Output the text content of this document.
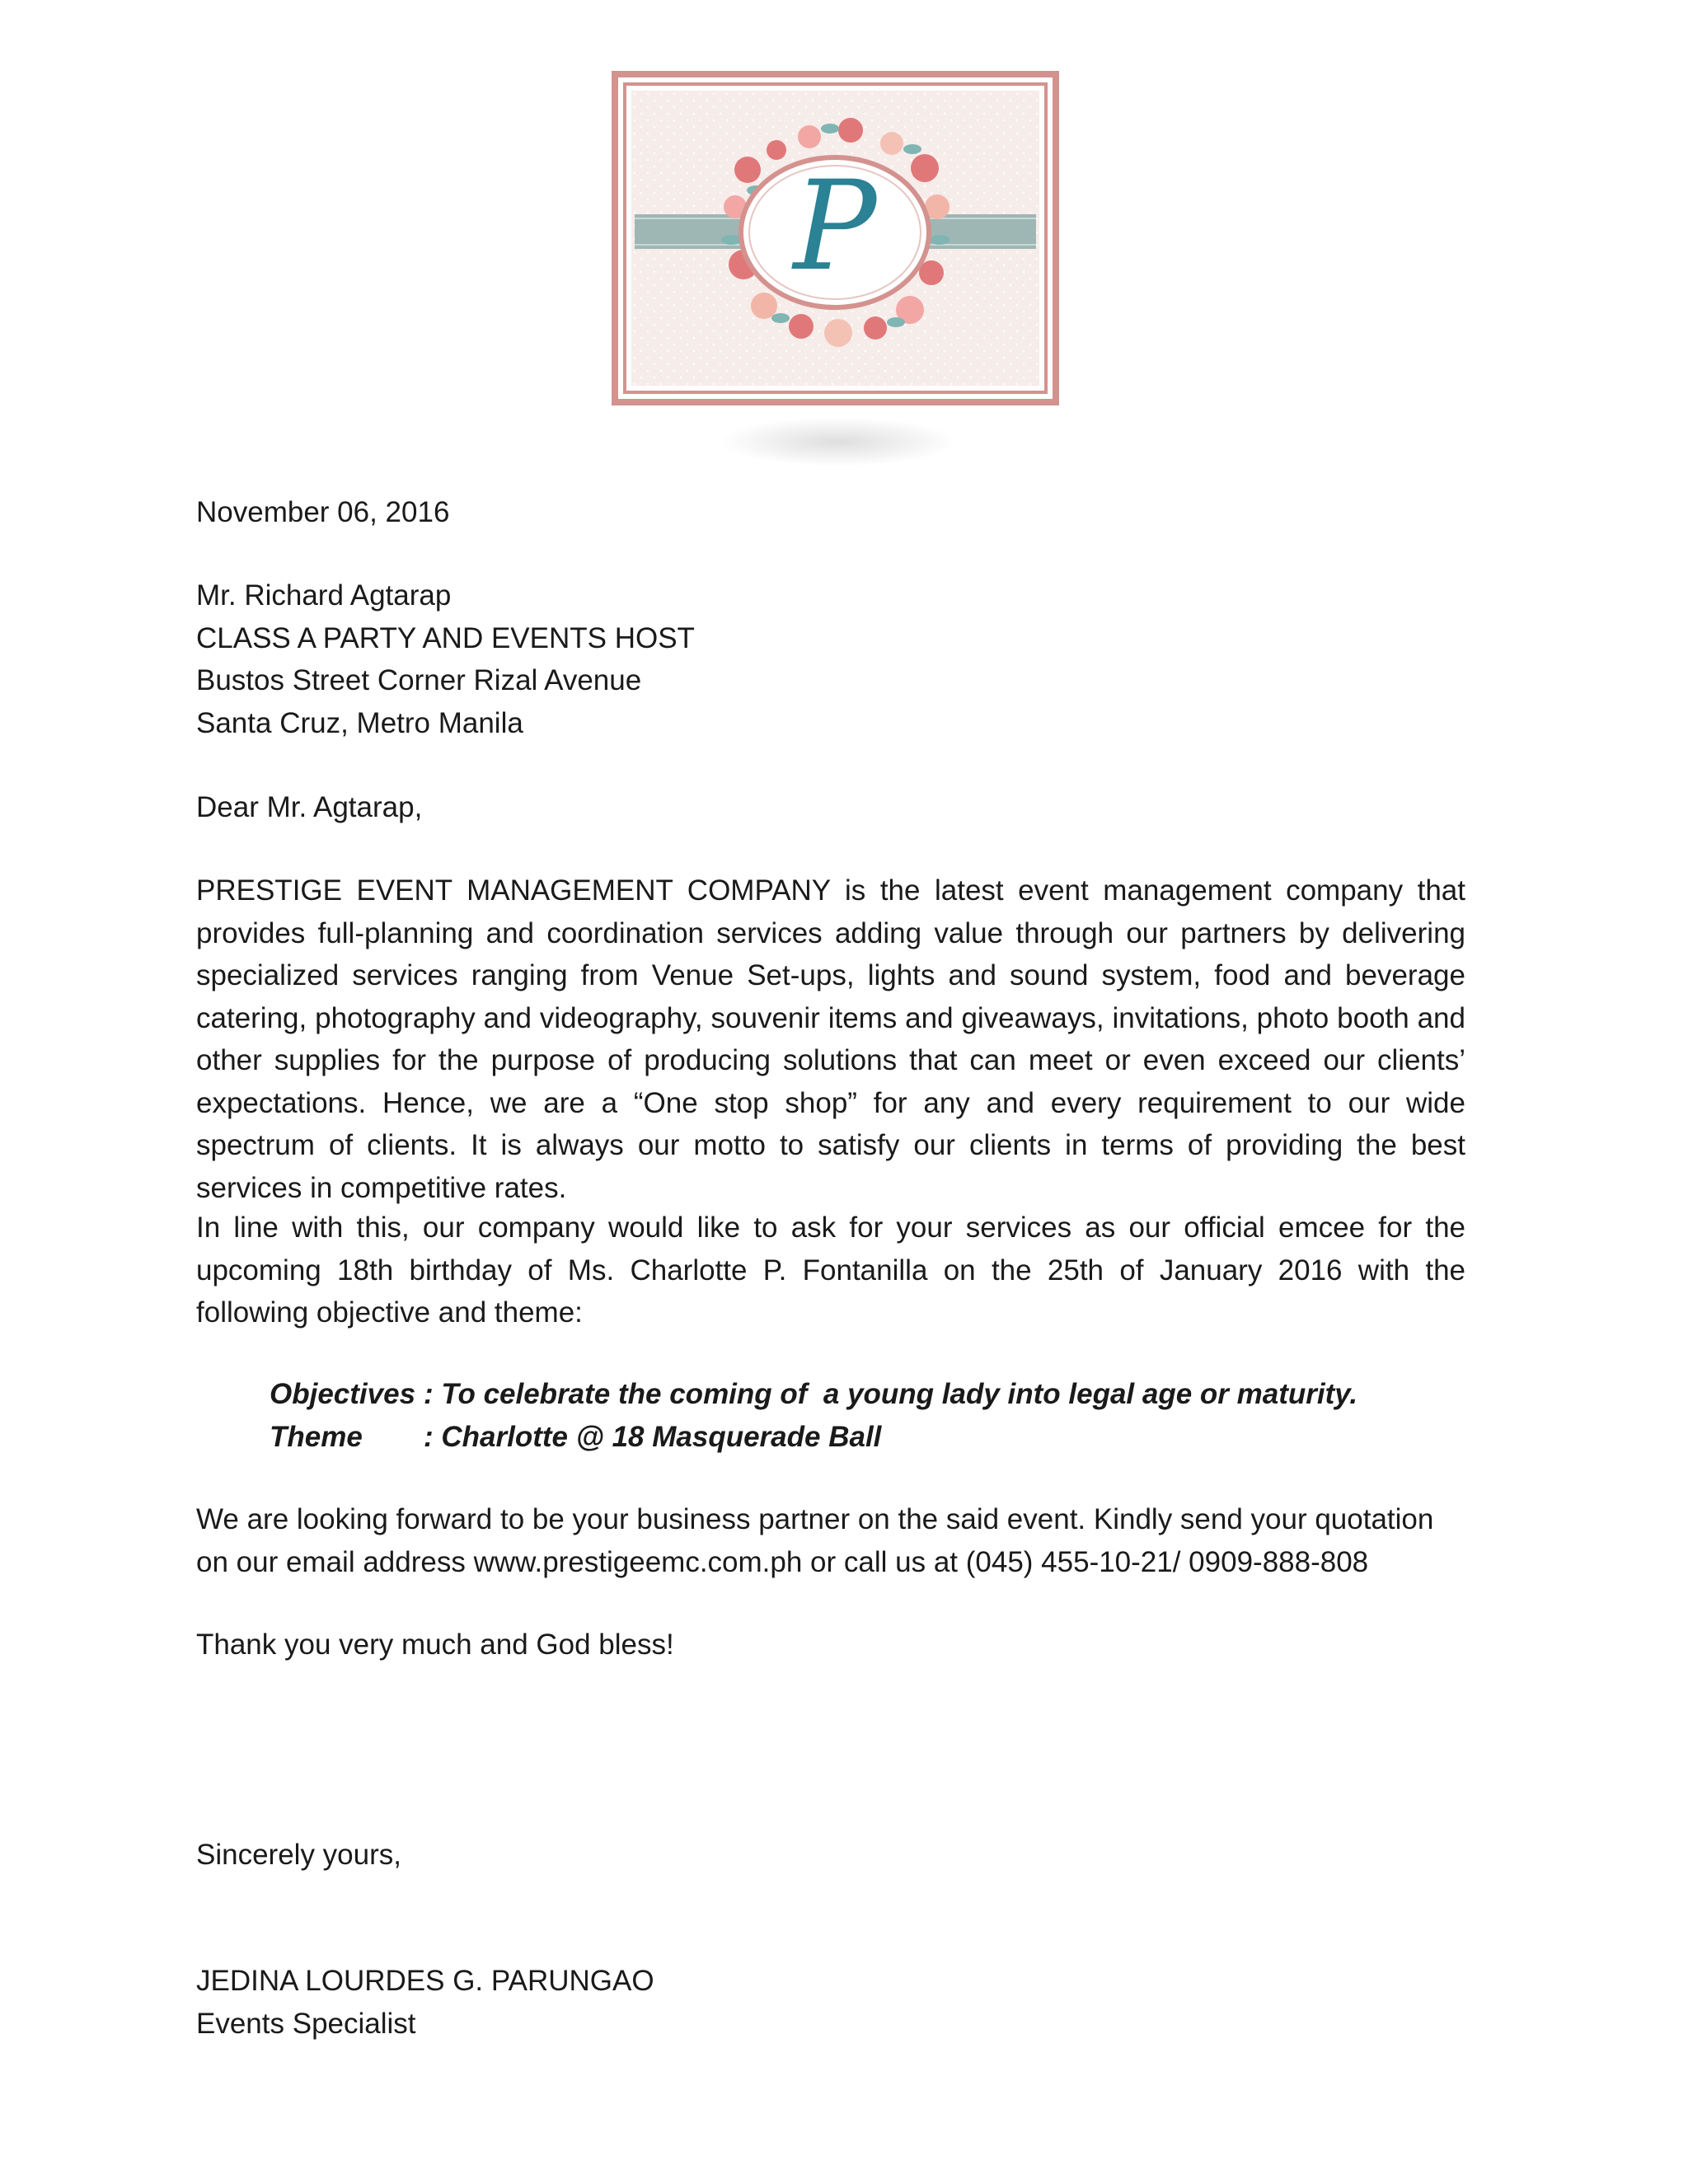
P
November 06, 2016
Mr. Richard Agtarap
CLASS A PARTY AND EVENTS HOST
Bustos Street Corner Rizal Avenue
Santa Cruz, Metro Manila
Dear Mr. Agtarap,
PRESTIGE EVENT MANAGEMENT COMPANY is the latest event management company that provides full-planning and coordination services adding value through our partners by delivering specialized services ranging from Venue Set-ups, lights and sound system, food and beverage catering, photography and videography, souvenir items and giveaways, invitations, photo booth and other supplies for the purpose of producing solutions that can meet or even exceed our clients’ expectations. Hence, we are a “One stop shop” for any and every requirement to our wide spectrum of clients. It is always our motto to satisfy our clients in terms of providing the best services in competitive rates.
In line with this, our company would like to ask for your services as our official emcee for the upcoming 18th birthday of Ms. Charlotte P. Fontanilla on the 25th of January 2016 with the following objective and theme:
Objectives : To celebrate the coming of  a young lady into legal age or maturity.
Theme : Charlotte @ 18 Masquerade Ball
We are looking forward to be your business partner on the said event. Kindly send your quotation on our email address www.prestigeemc.com.ph or call us at (045) 455-10-21/ 0909-888-808
Thank you very much and God bless!
Sincerely yours,
JEDINA LOURDES G. PARUNGAO
Events Specialist
